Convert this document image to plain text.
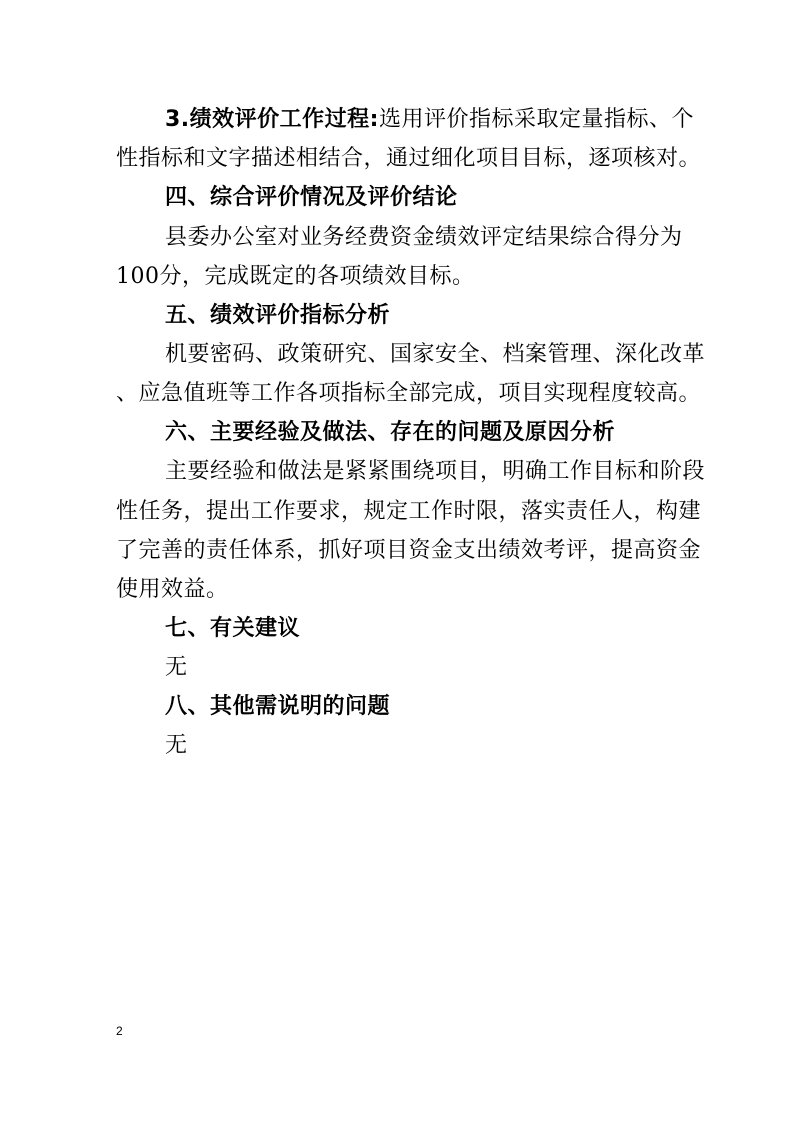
3.绩效评价工作过程:选用评价指标采取定量指标、个
性指标和文字描述相结合，通过细化项目目标，逐项核对。
四、综合评价情况及评价结论
县委办公室对业务经费资金绩效评定结果综合得分为
100分，完成既定的各项绩效目标。
五、绩效评价指标分析
机要密码、政策研究、国家安全、档案管理、深化改革
、应急值班等工作各项指标全部完成，项目实现程度较高。
六、主要经验及做法、存在的问题及原因分析
主要经验和做法是紧紧围绕项目，明确工作目标和阶段
性任务，提出工作要求，规定工作时限，落实责任人，构建
了完善的责任体系，抓好项目资金支出绩效考评，提高资金
使用效益。
七、有关建议
无
八、其他需说明的问题
无
2
